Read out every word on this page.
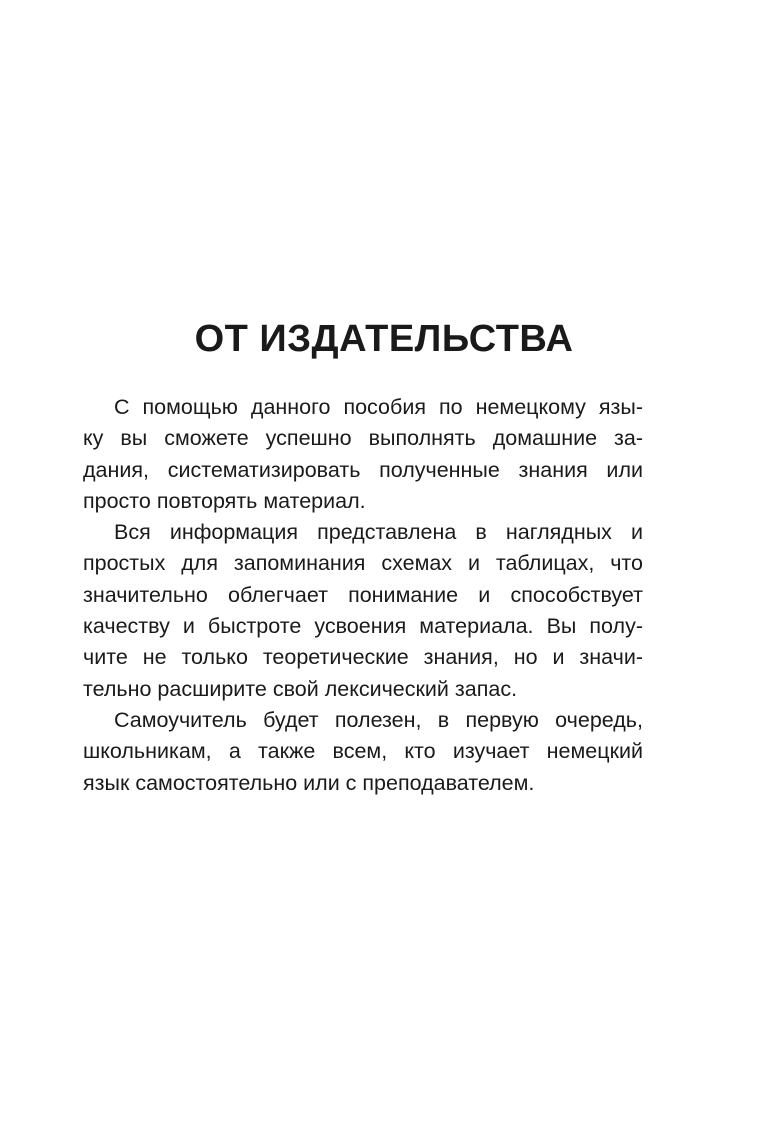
ОТ ИЗДАТЕЛЬСТВА

С помощью данного пособия по немецкому язы-
ку вы сможете успешно выполнять домашние за-
дания, систематизировать полученные знания или
просто повторять материал.

Вся информация представлена в наглядных и
простых для запоминания схемах и таблицах, что
значительно облегчает понимание и способствует
качеству и быстроте усвоения материала. Вы полу-
чите не только теоретические знания, но и значи-
тельно расширите свой лексический запас.

Самоучитель будет полезен, в первую очередь,
школьникам, а также всем, кто изучает немецкий
язык самостоятельно или с преподавателем.
